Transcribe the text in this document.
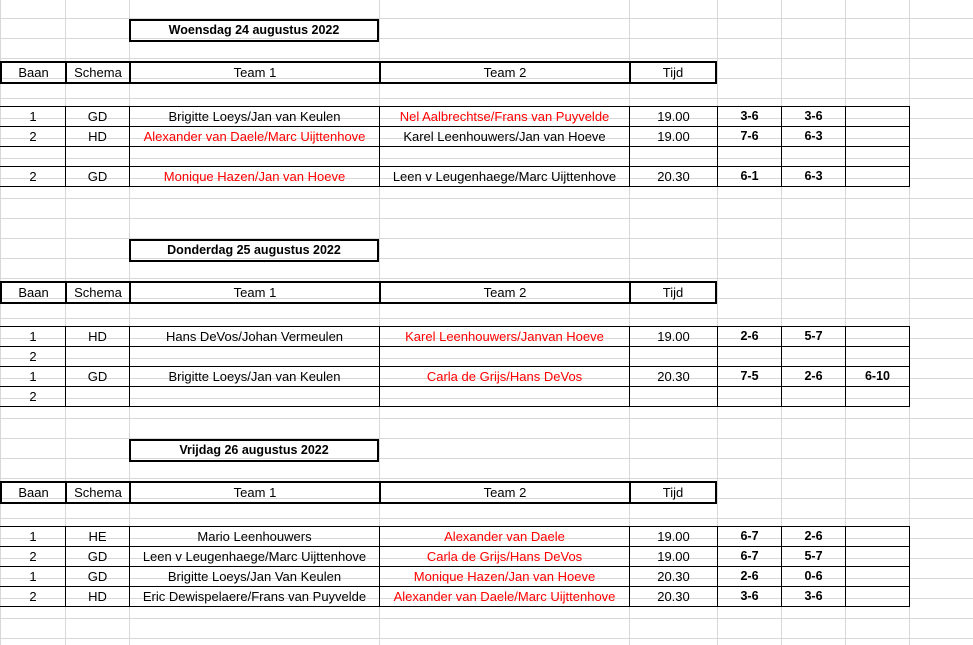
Woensdag 24 augustus 2022
Baan	Schema	Team 1	Team 2	Tijd
1	GD	Brigitte Loeys/Jan van Keulen	Nel Aalbrechtse/Frans van Puyvelde	19.00	3-6	3-6
2	HD	Alexander van Daele/Marc Uijttenhove	Karel Leenhouwers/Jan van Hoeve	19.00	7-6	6-3
2	GD	Monique Hazen/Jan van Hoeve	Leen v Leugenhaege/Marc Uijttenhove	20.30	6-1	6-3
Donderdag 25 augustus 2022
Baan	Schema	Team 1	Team 2	Tijd
1	HD	Hans DeVos/Johan Vermeulen	Karel Leenhouwers/Janvan Hoeve	19.00	2-6	5-7
2
1	GD	Brigitte Loeys/Jan van Keulen	Carla de Grijs/Hans DeVos	20.30	7-5	2-6	6-10
2
Vrijdag 26 augustus 2022
Baan	Schema	Team 1	Team 2	Tijd
1	HE	Mario Leenhouwers	Alexander van Daele	19.00	6-7	2-6
2	GD	Leen v Leugenhaege/Marc Uijttenhove	Carla de Grijs/Hans DeVos	19.00	6-7	5-7
1	GD	Brigitte Loeys/Jan Van Keulen	Monique Hazen/Jan van Hoeve	20.30	2-6	0-6
2	HD	Eric Dewispelaere/Frans van Puyvelde	Alexander van Daele/Marc Uijttenhove	20.30	3-6	3-6
